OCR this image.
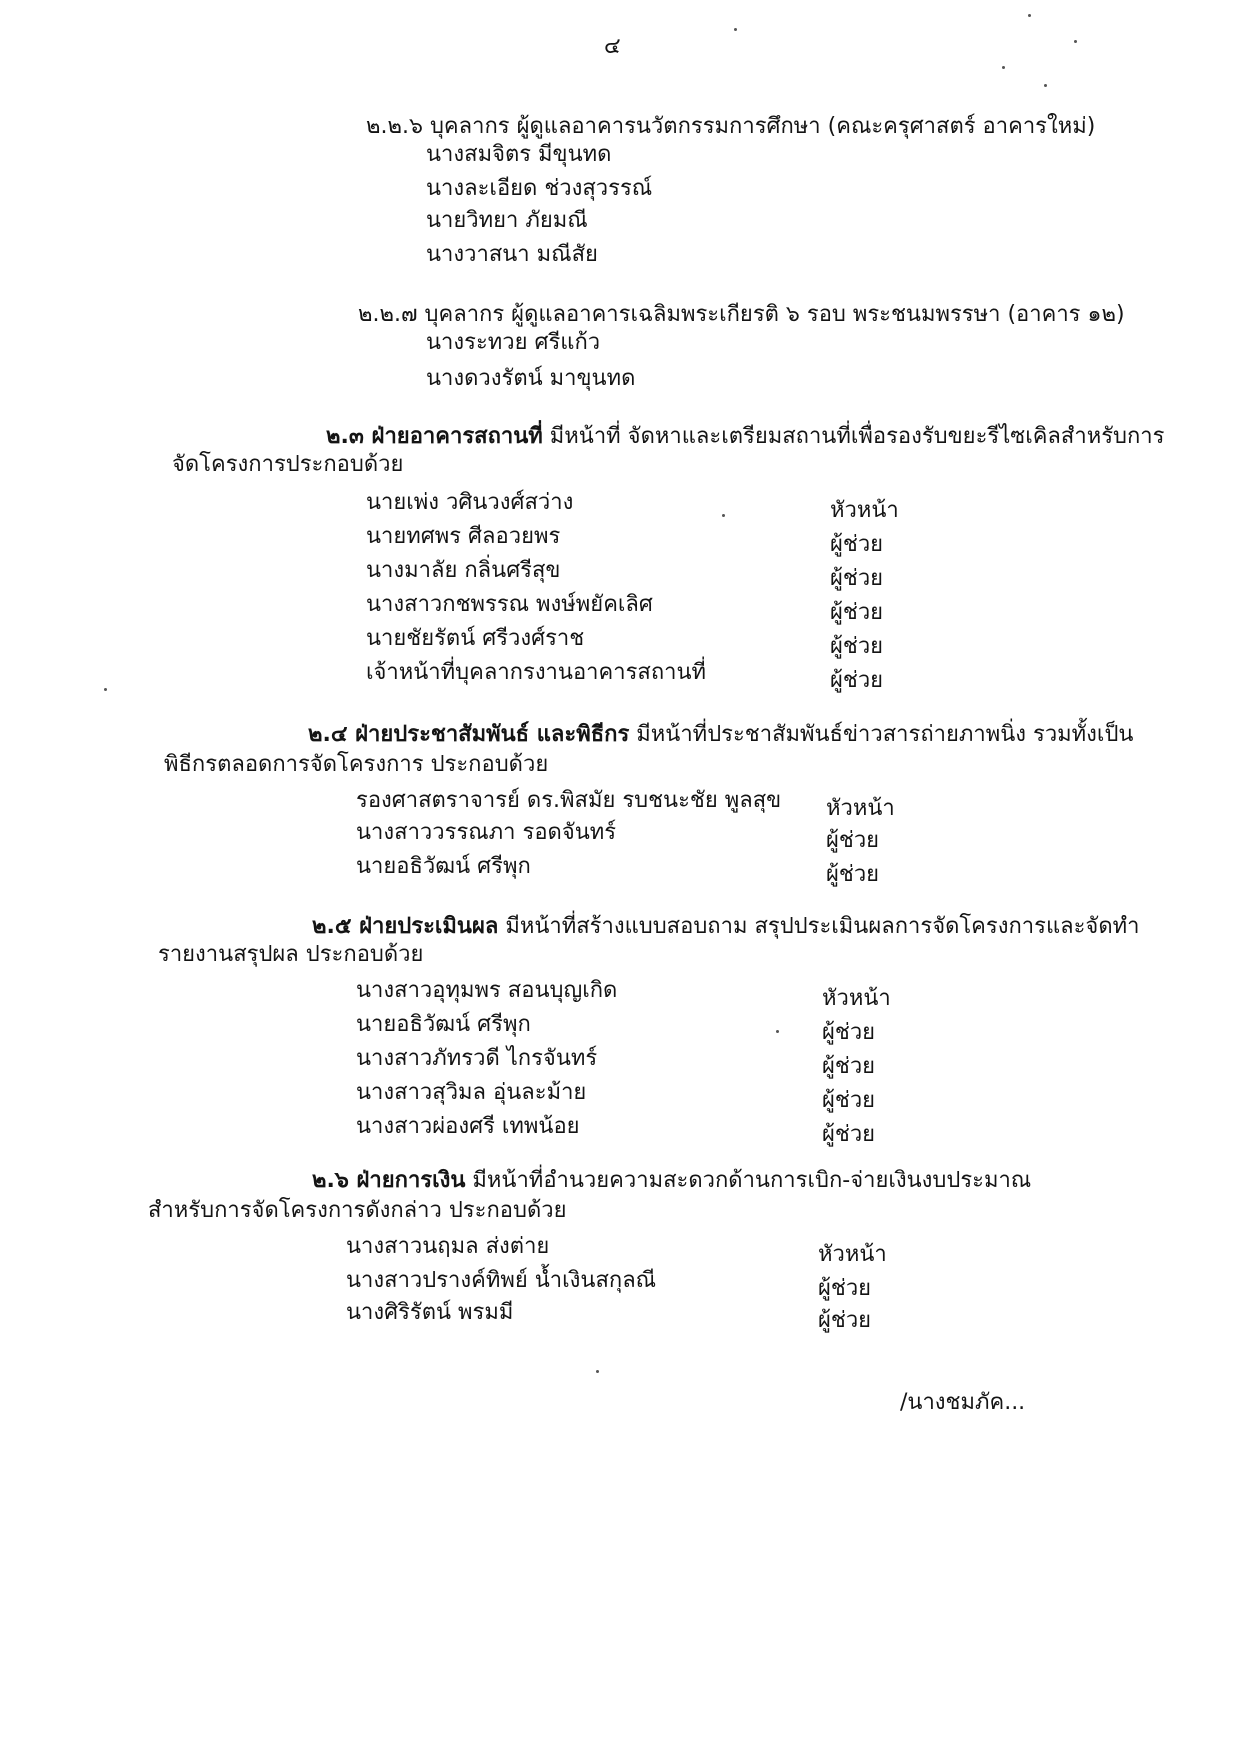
๔
๒.๒.๖ บุคลากร ผู้ดูแลอาคารนวัตกรรมการศึกษา (คณะครุศาสตร์ อาคารใหม่)
นางสมจิตร มีขุนทด
นางละเอียด ช่วงสุวรรณ์
นายวิทยา ภัยมณี
นางวาสนา มณีสัย
๒.๒.๗ บุคลากร ผู้ดูแลอาคารเฉลิมพระเกียรติ ๖ รอบ พระชนมพรรษา (อาคาร ๑๒)
นางระทวย ศรีแก้ว
นางดวงรัตน์ มาขุนทด
๒.๓ ฝ่ายอาคารสถานที่ มีหน้าที่ จัดหาและเตรียมสถานที่เพื่อรองรับขยะรีไซเคิลสำหรับการ
จัดโครงการประกอบด้วย
นายเพ่ง วศินวงศ์สว่าง	หัวหน้า
นายทศพร ศีลอวยพร	ผู้ช่วย
นางมาลัย กลิ่นศรีสุข	ผู้ช่วย
นางสาวกชพรรณ พงษ์พยัคเลิศ	ผู้ช่วย
นายชัยรัตน์ ศรีวงศ์ราช	ผู้ช่วย
เจ้าหน้าที่บุคลากรงานอาคารสถานที่	ผู้ช่วย
๒.๔ ฝ่ายประชาสัมพันธ์ และพิธีกร มีหน้าที่ประชาสัมพันธ์ข่าวสารถ่ายภาพนิ่ง รวมทั้งเป็น
พิธีกรตลอดการจัดโครงการ ประกอบด้วย
รองศาสตราจารย์ ดร.พิสมัย รบชนะชัย พูลสุข หัวหน้า
นางสาววรรณภา รอดจันทร์	ผู้ช่วย
นายอธิวัฒน์ ศรีพุก	ผู้ช่วย
๒.๕ ฝ่ายประเมินผล มีหน้าที่สร้างแบบสอบถาม สรุปประเมินผลการจัดโครงการและจัดทำ
รายงานสรุปผล ประกอบด้วย
นางสาวอุทุมพร สอนบุญเกิด	หัวหน้า
นายอธิวัฒน์ ศรีพุก	ผู้ช่วย
นางสาวภัทรวดี ไกรจันทร์	ผู้ช่วย
นางสาวสุวิมล อุ่นละม้าย	ผู้ช่วย
นางสาวผ่องศรี เทพน้อย	ผู้ช่วย
๒.๖ ฝ่ายการเงิน มีหน้าที่อำนวยความสะดวกด้านการเบิก-จ่ายเงินงบประมาณ
สำหรับการจัดโครงการดังกล่าว ประกอบด้วย
นางสาวนฤมล ส่งต่าย	หัวหน้า
นางสาวปรางค์ทิพย์ น้ำเงินสกุลณี	ผู้ช่วย
นางศิริรัตน์ พรมมี	ผู้ช่วย
/นางชมภัค...
